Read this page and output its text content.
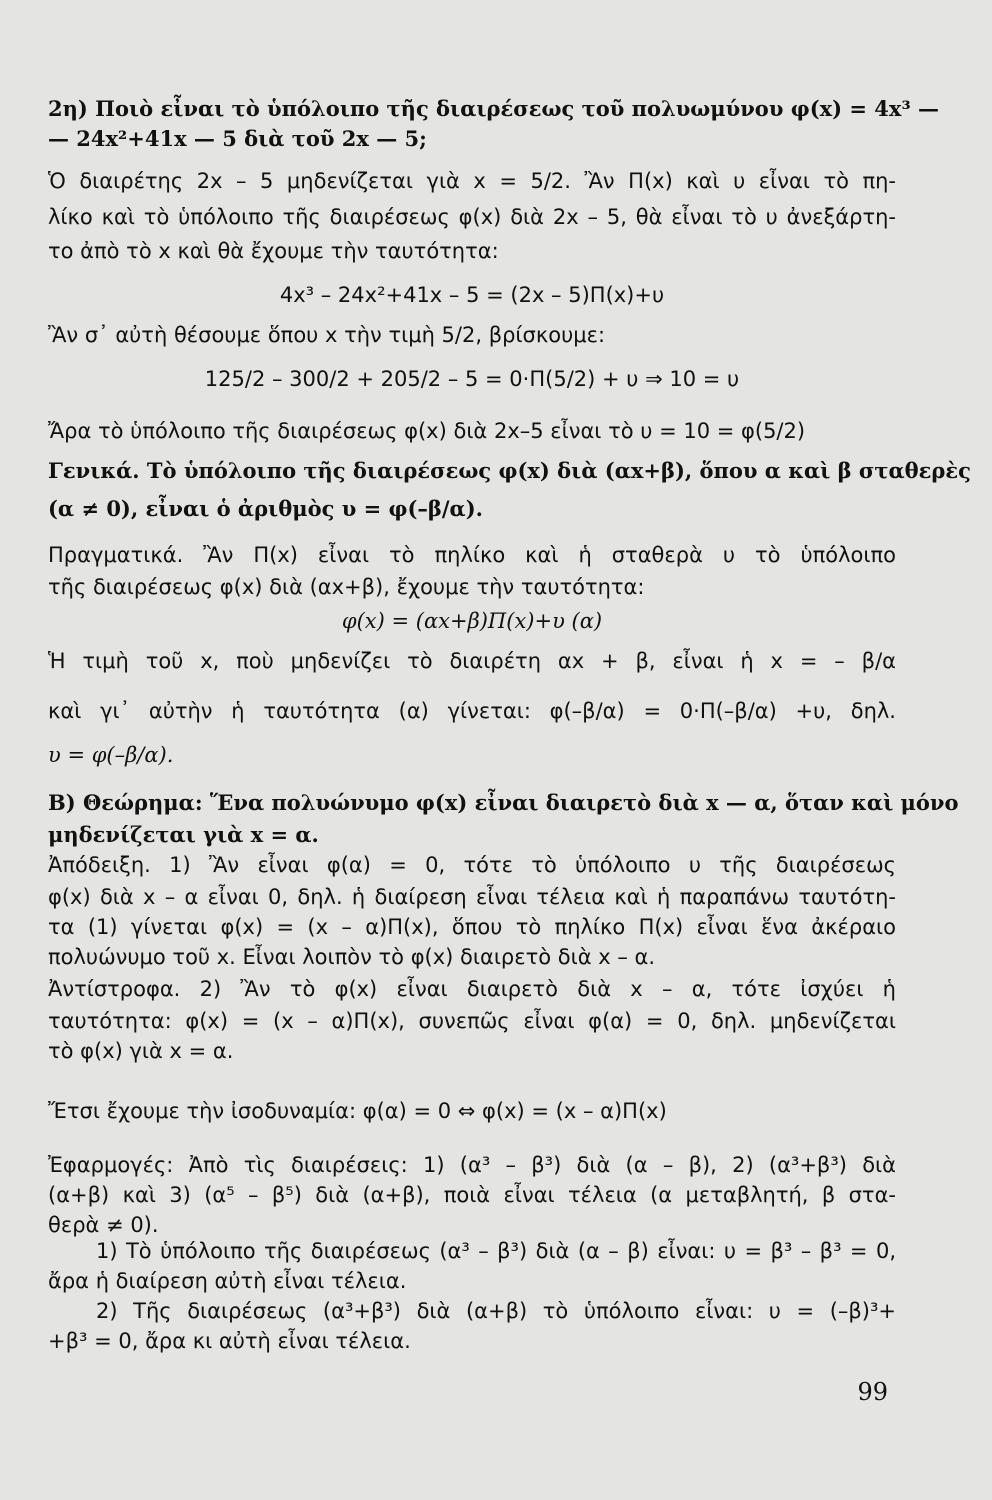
2η) Ποιὸ εἶναι τὸ ὑπόλοιπο τῆς διαιρέσεως τοῦ πολυωμύνου φ(x) = 4x³ —
— 24x²+41x — 5 διὰ τοῦ 2x — 5;
Ὁ διαιρέτης 2x – 5 μηδενίζεται γιὰ x = 5/2. Ἂν Π(x) καὶ υ εἶναι τὸ πη-
λίκο καὶ τὸ ὑπόλοιπο τῆς διαιρέσεως φ(x) διὰ 2x – 5, θὰ εἶναι τὸ υ ἀνεξάρτη-
το ἀπὸ τὸ x καὶ θὰ ἔχουμε τὴν ταυτότητα:
4x³ – 24x²+41x – 5 = (2x – 5)Π(x)+υ
Ἂν σ᾽ αὐτὴ θέσουμε ὅπου x τὴν τιμὴ 5/2, βρίσκουμε:
125/2 – 300/2 + 205/2 – 5 = 0·Π(5/2) + υ ⇒ 10 = υ
Ἄρα τὸ ὑπόλοιπο τῆς διαιρέσεως φ(x) διὰ 2x–5 εἶναι τὸ υ = 10 = φ(5/2)
Γενικά. Τὸ ὑπόλοιπο τῆς διαιρέσεως φ(x) διὰ (αx+β), ὅπου α καὶ β σταθερὲς
(α ≠ 0), εἶναι ὁ ἀριθμὸς υ = φ(–β/α).
Πραγματικά. Ἂν Π(x) εἶναι τὸ πηλίκο καὶ ἡ σταθερὰ υ τὸ ὑπόλοιπο
τῆς διαιρέσεως φ(x) διὰ (αx+β), ἔχουμε τὴν ταυτότητα:
φ(x) = (αx+β)Π(x)+υ (α)
Ἡ τιμὴ τοῦ x, ποὺ μηδενίζει τὸ διαιρέτη αx + β, εἶναι ἡ x = – β/α
καὶ γι᾽ αὐτὴν ἡ ταυτότητα (α) γίνεται: φ(–β/α) = 0·Π(–β/α) +υ, δηλ.
υ = φ(–β/α).
Β) Θεώρημα: Ἕνα πολυώνυμο φ(x) εἶναι διαιρετὸ διὰ x — α, ὅταν καὶ μόνο
μηδενίζεται γιὰ x = α.
Ἀπόδειξη. 1) Ἂν εἶναι φ(α) = 0, τότε τὸ ὑπόλοιπο υ τῆς διαιρέσεως
φ(x) διὰ x – α εἶναι 0, δηλ. ἡ διαίρεση εἶναι τέλεια καὶ ἡ παραπάνω ταυτότη-
τα (1) γίνεται φ(x) = (x – α)Π(x), ὅπου τὸ πηλίκο Π(x) εἶναι ἕνα ἀκέραιο
πολυώνυμο τοῦ x. Εἶναι λοιπὸν τὸ φ(x) διαιρετὸ διὰ x – α.
Ἀντίστροφα. 2) Ἂν τὸ φ(x) εἶναι διαιρετὸ διὰ x – α, τότε ἰσχύει ἡ
ταυτότητα: φ(x) = (x – α)Π(x), συνεπῶς εἶναι φ(α) = 0, δηλ. μηδενίζεται
τὸ φ(x) γιὰ x = α.
Ἔτσι ἔχουμε τὴν ἰσοδυναμία: φ(α) = 0 ⇔ φ(x) = (x – α)Π(x)
Ἐφαρμογές: Ἀπὸ τὶς διαιρέσεις: 1) (α³ – β³) διὰ (α – β), 2) (α³+β³) διὰ
(α+β) καὶ 3) (α⁵ – β⁵) διὰ (α+β), ποιὰ εἶναι τέλεια (α μεταβλητή, β στα-
θερὰ ≠ 0).
1) Τὸ ὑπόλοιπο τῆς διαιρέσεως (α³ – β³) διὰ (α – β) εἶναι: υ = β³ – β³ = 0,
ἄρα ἡ διαίρεση αὐτὴ εἶναι τέλεια.
2) Τῆς διαιρέσεως (α³+β³) διὰ (α+β) τὸ ὑπόλοιπο εἶναι: υ = (–β)³+
+β³ = 0, ἄρα κι αὐτὴ εἶναι τέλεια.
99
